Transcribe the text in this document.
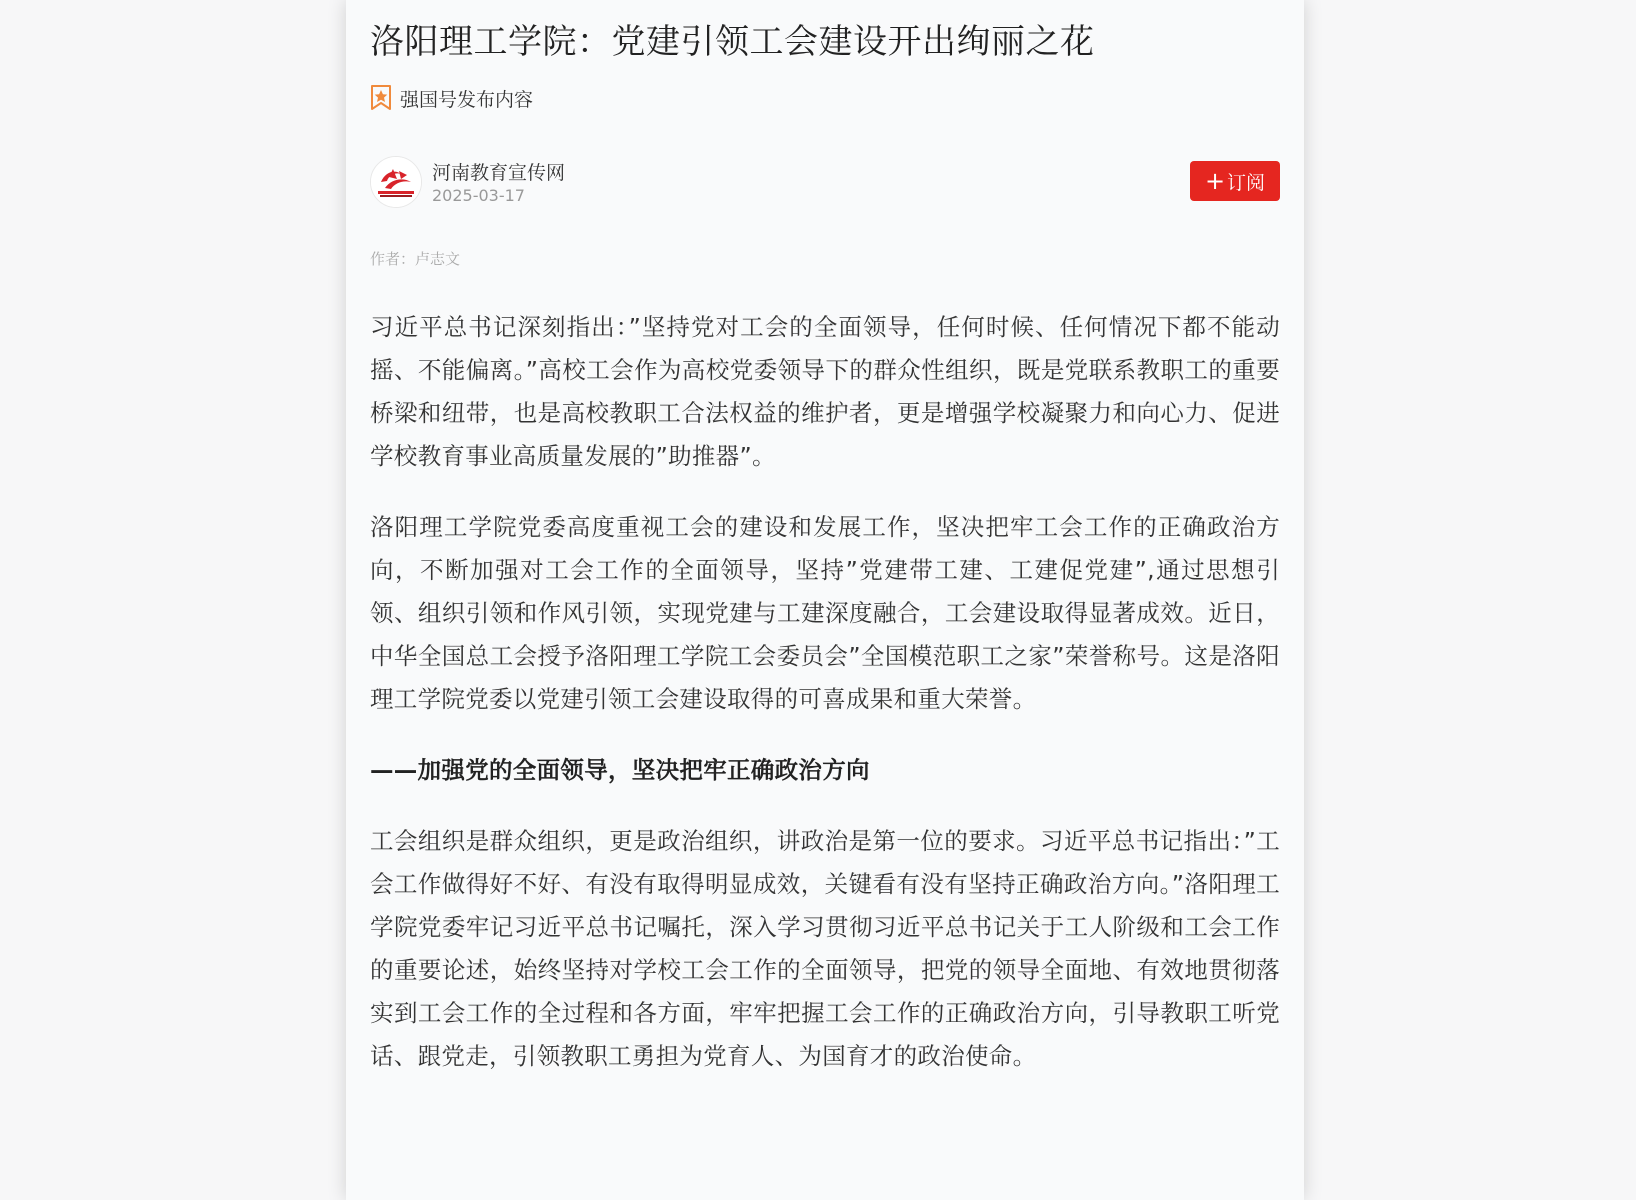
洛阳理工学院：党建引领工会建设开出绚丽之花
强国号发布内容
河南教育宣传网
2025-03-17
+ 订阅
作者：卢志文

习近平总书记深刻指出：”坚持党对工会的全面领导，任何时候、任何情况下都不能动摇、不能偏离。”高校工会作为高校党委领导下的群众性组织，既是党联系教职工的重要桥梁和纽带，也是高校教职工合法权益的维护者，更是增强学校凝聚力和向心力、促进学校教育事业高质量发展的”助推器”。

洛阳理工学院党委高度重视工会的建设和发展工作，坚决把牢工会工作的正确政治方向，不断加强对工会工作的全面领导，坚持”党建带工建、工建促党建”,通过思想引领、组织引领和作风引领，实现党建与工建深度融合，工会建设取得显著成效。近日，中华全国总工会授予洛阳理工学院工会委员会”全国模范职工之家”荣誉称号。这是洛阳理工学院党委以党建引领工会建设取得的可喜成果和重大荣誉。

——加强党的全面领导，坚决把牢正确政治方向

工会组织是群众组织，更是政治组织，讲政治是第一位的要求。习近平总书记指出：”工会工作做得好不好、有没有取得明显成效，关键看有没有坚持正确政治方向。”洛阳理工学院党委牢记习近平总书记嘱托，深入学习贯彻习近平总书记关于工人阶级和工会工作的重要论述，始终坚持对学校工会工作的全面领导，把党的领导全面地、有效地贯彻落实到工会工作的全过程和各方面，牢牢把握工会工作的正确政治方向，引导教职工听党话、跟党走，引领教职工勇担为党育人、为国育才的政治使命。
